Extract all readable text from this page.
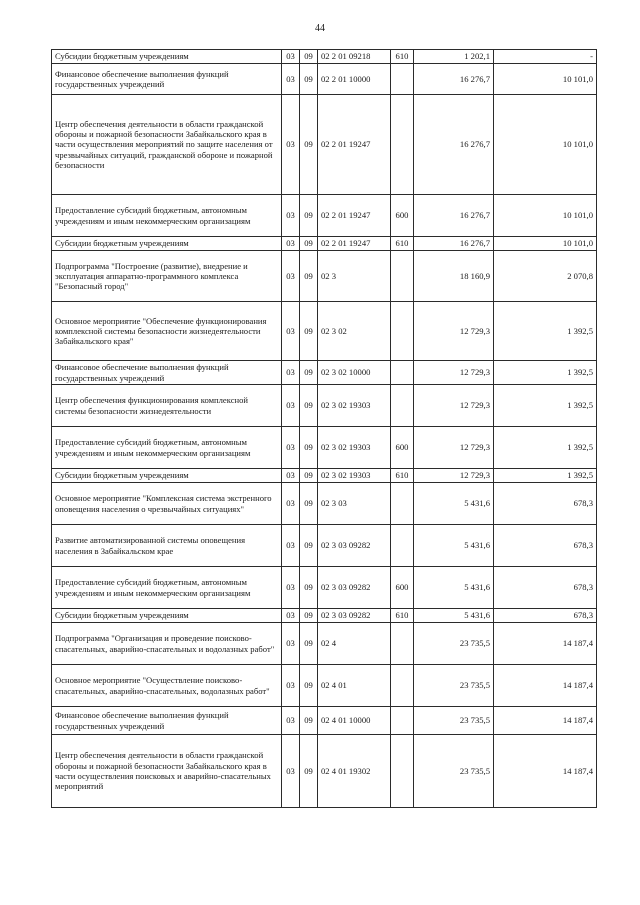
44
Субсидии бюджетным учреждениям	03	09	02 2 01 09218	610	1 202,1	-
Финансовое обеспечение выполнения функций государственных учреждений	03	09	02 2 01 10000		16 276,7	10 101,0
Центр обеспечения деятельности в области гражданской обороны и пожарной безопасности Забайкальского края в части осуществления мероприятий по защите населения от чрезвычайных ситуаций, гражданской обороне и пожарной безопасности	03	09	02 2 01 19247		16 276,7	10 101,0
Предоставление субсидий бюджетным, автономным учреждениям и иным некоммерческим организациям	03	09	02 2 01 19247	600	16 276,7	10 101,0
Субсидии бюджетным учреждениям	03	09	02 2 01 19247	610	16 276,7	10 101,0
Подпрограмма "Построение (развитие), внедрение и эксплуатация аппаратно-программного комплекса "Безопасный город"	03	09	02 3		18 160,9	2 070,8
Основное мероприятие "Обеспечение функционирования комплексной системы безопасности жизнедеятельности Забайкальского края"	03	09	02 3 02		12 729,3	1 392,5
Финансовое обеспечение выполнения функций государственных учреждений	03	09	02 3 02 10000		12 729,3	1 392,5
Центр обеспечения функционирования комплексной системы безопасности жизнедеятельности	03	09	02 3 02 19303		12 729,3	1 392,5
Предоставление субсидий бюджетным, автономным учреждениям и иным некоммерческим организациям	03	09	02 3 02 19303	600	12 729,3	1 392,5
Субсидии бюджетным учреждениям	03	09	02 3 02 19303	610	12 729,3	1 392,5
Основное мероприятие "Комплексная система экстренного оповещения населения о чрезвычайных ситуациях"	03	09	02 3 03		5 431,6	678,3
Развитие автоматизированной системы оповещения населения в Забайкальском крае	03	09	02 3 03 09282		5 431,6	678,3
Предоставление субсидий бюджетным, автономным учреждениям и иным некоммерческим организациям	03	09	02 3 03 09282	600	5 431,6	678,3
Субсидии бюджетным учреждениям	03	09	02 3 03 09282	610	5 431,6	678,3
Подпрограмма "Организация и проведение поисково-спасательных, аварийно-спасательных и водолазных работ"	03	09	02 4		23 735,5	14 187,4
Основное мероприятие "Осуществление поисково-спасательных, аварийно-спасательных, водолазных работ"	03	09	02 4 01		23 735,5	14 187,4
Финансовое обеспечение выполнения функций государственных учреждений	03	09	02 4 01 10000		23 735,5	14 187,4
Центр обеспечения деятельности в области гражданской обороны и пожарной безопасности Забайкальского края в части осуществления поисковых и аварийно-спасательных мероприятий	03	09	02 4 01 19302		23 735,5	14 187,4
